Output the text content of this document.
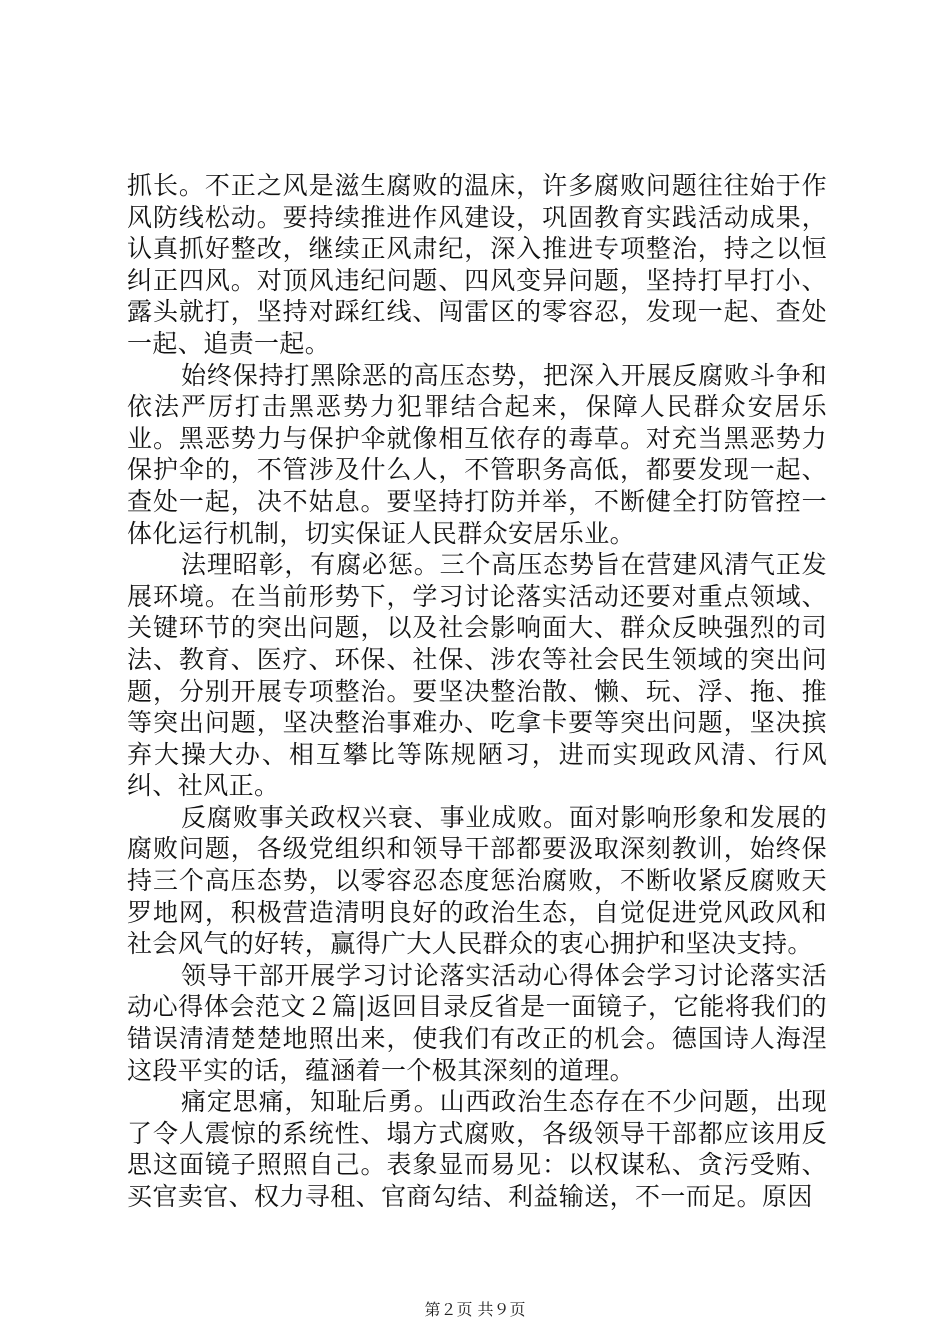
抓长。不正之风是滋生腐败的温床，许多腐败问题往往始于作风防线松动。要持续推进作风建设，巩固教育实践活动成果，认真抓好整改，继续正风肃纪，深入推进专项整治，持之以恒纠正四风。对顶风违纪问题、四风变异问题，坚持打早打小、露头就打，坚持对踩红线、闯雷区的零容忍，发现一起、查处一起、追责一起。

始终保持打黑除恶的高压态势，把深入开展反腐败斗争和依法严厉打击黑恶势力犯罪结合起来，保障人民群众安居乐业。黑恶势力与保护伞就像相互依存的毒草。对充当黑恶势力保护伞的，不管涉及什么人，不管职务高低，都要发现一起、查处一起，决不姑息。要坚持打防并举，不断健全打防管控一体化运行机制，切实保证人民群众安居乐业。

法理昭彰，有腐必惩。三个高压态势旨在营建风清气正发展环境。在当前形势下，学习讨论落实活动还要对重点领域、关键环节的突出问题，以及社会影响面大、群众反映强烈的司法、教育、医疗、环保、社保、涉农等社会民生领域的突出问题，分别开展专项整治。要坚决整治散、懒、玩、浮、拖、推等突出问题，坚决整治事难办、吃拿卡要等突出问题，坚决摈弃大操大办、相互攀比等陈规陋习，进而实现政风清、行风纠、社风正。

反腐败事关政权兴衰、事业成败。面对影响形象和发展的腐败问题，各级党组织和领导干部都要汲取深刻教训，始终保持三个高压态势，以零容忍态度惩治腐败，不断收紧反腐败天罗地网，积极营造清明良好的政治生态，自觉促进党风政风和社会风气的好转，赢得广大人民群众的衷心拥护和坚决支持。

领导干部开展学习讨论落实活动心得体会学习讨论落实活动心得体会范文２篇|返回目录反省是一面镜子，它能将我们的错误清清楚楚地照出来，使我们有改正的机会。德国诗人海涅这段平实的话，蕴涵着一个极其深刻的道理。

痛定思痛，知耻后勇。山西政治生态存在不少问题，出现了令人震惊的系统性、塌方式腐败，各级领导干部都应该用反思这面镜子照照自己。表象显而易见：以权谋私、贪污受贿、买官卖官、权力寻租、官商勾结、利益输送，不一而足。原因

第２页 共９页
